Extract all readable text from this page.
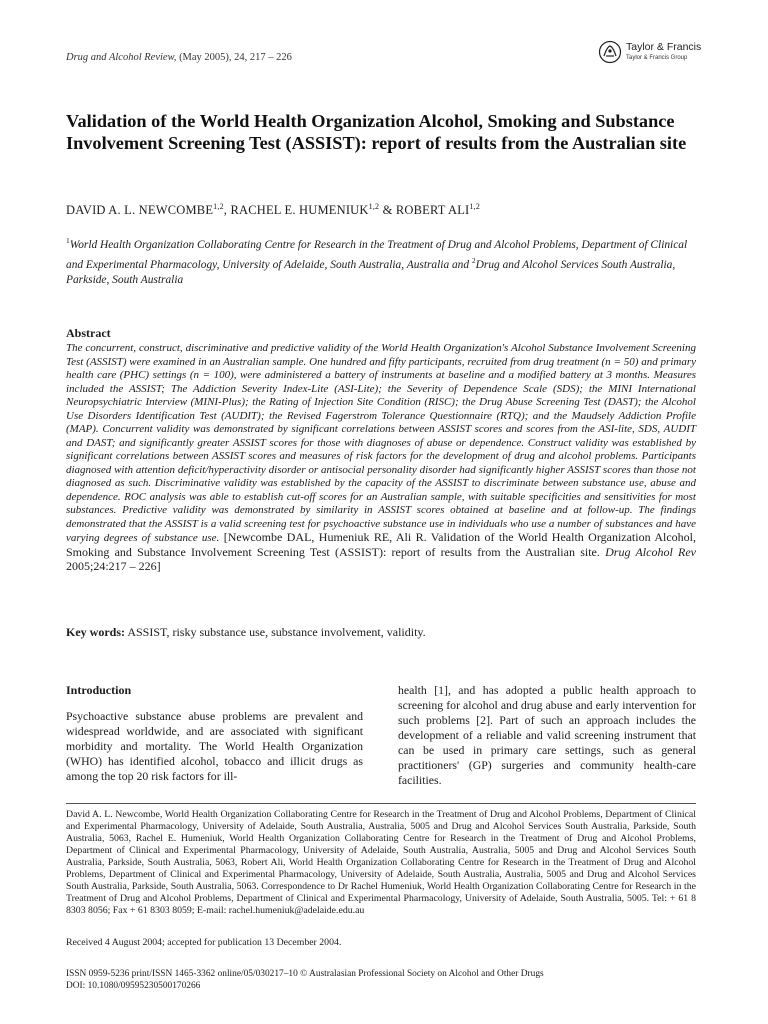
Drug and Alcohol Review, (May 2005), 24, 217 – 226
Taylor & Francis
Taylor & Francis Group
Validation of the World Health Organization Alcohol, Smoking and Substance Involvement Screening Test (ASSIST): report of results from the Australian site
DAVID A. L. NEWCOMBE$^{1,2}$, RACHEL E. HUMENIUK$^{1,2}$ & ROBERT ALI$^{1,2}$
$^1$World Health Organization Collaborating Centre for Research in the Treatment of Drug and Alcohol Problems, Department of Clinical and Experimental Pharmacology, University of Adelaide, South Australia, Australia and $^2$Drug and Alcohol Services South Australia, Parkside, South Australia
Abstract

The concurrent, construct, discriminative and predictive validity of the World Health Organization's Alcohol Substance Involvement Screening Test (ASSIST) were examined in an Australian sample. One hundred and fifty participants, recruited from drug treatment (n = 50) and primary health care (PHC) settings (n = 100), were administered a battery of instruments at baseline and a modified battery at 3 months. Measures included the ASSIST; The Addiction Severity Index-Lite (ASI-Lite); the Severity of Dependence Scale (SDS); the MINI International Neuropsychiatric Interview (MINI-Plus); the Rating of Injection Site Condition (RISC); the Drug Abuse Screening Test (DAST); the Alcohol Use Disorders Identification Test (AUDIT); the Revised Fagerstrom Tolerance Questionnaire (RTQ); and the Maudsely Addiction Profile (MAP). Concurrent validity was demonstrated by significant correlations between ASSIST scores and scores from the ASI-lite, SDS, AUDIT and DAST; and significantly greater ASSIST scores for those with diagnoses of abuse or dependence. Construct validity was established by significant correlations between ASSIST scores and measures of risk factors for the development of drug and alcohol problems. Participants diagnosed with attention deficit/hyperactivity disorder or antisocial personality disorder had significantly higher ASSIST scores than those not diagnosed as such. Discriminative validity was established by the capacity of the ASSIST to discriminate between substance use, abuse and dependence. ROC analysis was able to establish cut-off scores for an Australian sample, with suitable specificities and sensitivities for most substances. Predictive validity was demonstrated by similarity in ASSIST scores obtained at baseline and at follow-up. The findings demonstrated that the ASSIST is a valid screening test for psychoactive substance use in individuals who use a number of substances and have varying degrees of substance use. [Newcombe DAL, Humeniuk RE, Ali R. Validation of the World Health Organization Alcohol, Smoking and Substance Involvement Screening Test (ASSIST): report of results from the Australian site. Drug Alcohol Rev 2005;24:217 – 226]

Key words: ASSIST, risky substance use, substance involvement, validity.

Introduction

Psychoactive substance abuse problems are prevalent and widespread worldwide, and are associated with significant morbidity and mortality. The World Health Organization (WHO) has identified alcohol, tobacco and illicit drugs as among the top 20 risk factors for ill-

health [1], and has adopted a public health approach to screening for alcohol and drug abuse and early intervention for such problems [2]. Part of such an approach includes the development of a reliable and valid screening instrument that can be used in primary care settings, such as general practitioners' (GP) surgeries and community health-care facilities.

David A. L. Newcombe, World Health Organization Collaborating Centre for Research in the Treatment of Drug and Alcohol Problems, Department of Clinical and Experimental Pharmacology, University of Adelaide, South Australia, Australia, 5005 and Drug and Alcohol Services South Australia, Parkside, South Australia, 5063, Rachel E. Humeniuk, World Health Organization Collaborating Centre for Research in the Treatment of Drug and Alcohol Problems, Department of Clinical and Experimental Pharmacology, University of Adelaide, South Australia, Australia, 5005 and Drug and Alcohol Services South Australia, Parkside, South Australia, 5063, Robert Ali, World Health Organization Collaborating Centre for Research in the Treatment of Drug and Alcohol Problems, Department of Clinical and Experimental Pharmacology, University of Adelaide, South Australia, Australia, 5005 and Drug and Alcohol Services South Australia, Parkside, South Australia, 5063. Correspondence to Dr Rachel Humeniuk, World Health Organization Collaborating Centre for Research in the Treatment of Drug and Alcohol Problems, Department of Clinical and Experimental Pharmacology, University of Adelaide, South Australia, 5005. Tel: + 61 8 8303 8056; Fax + 61 8303 8059; E-mail: rachel.humeniuk@adelaide.edu.au

Received 4 August 2004; accepted for publication 13 December 2004.

ISSN 0959-5236 print/ISSN 1465-3362 online/05/030217–10 © Australasian Professional Society on Alcohol and Other Drugs

DOI: 10.1080/09595230500170266
